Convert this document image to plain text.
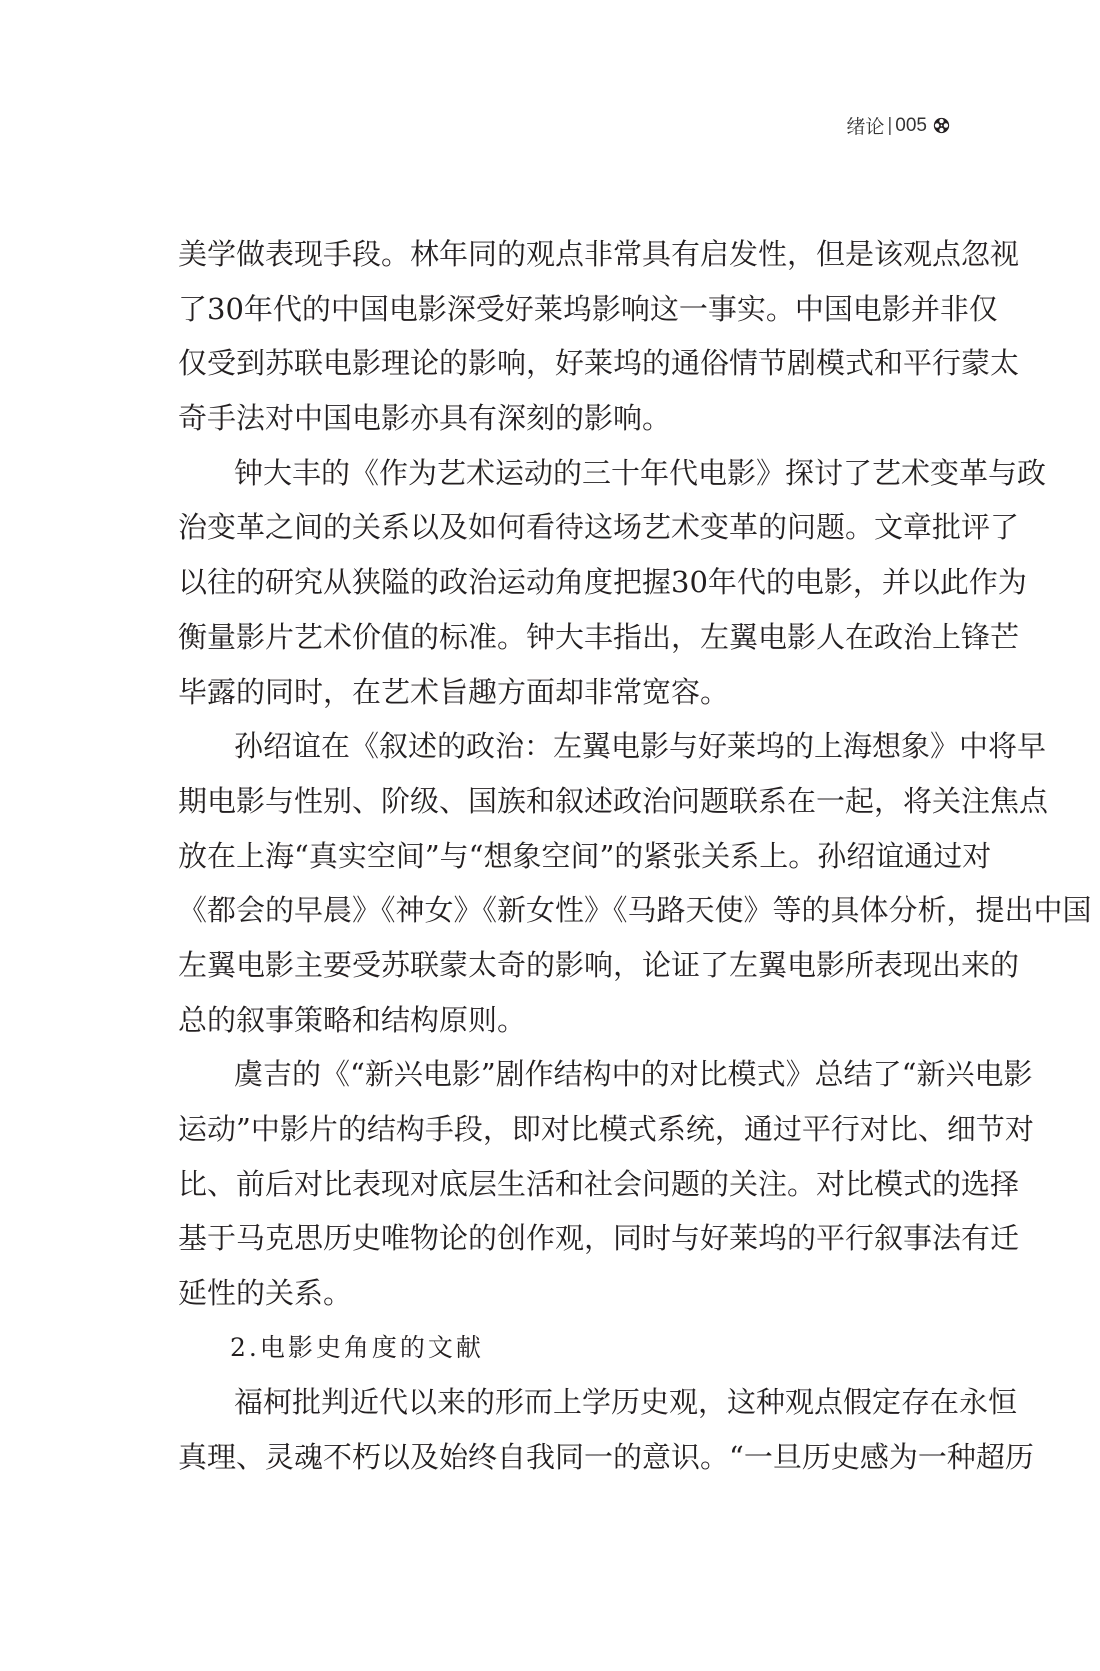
绪论 | 005
美学做表现手段。林年同的观点非常具有启发性，但是该观点忽视
了30年代的中国电影深受好莱坞影响这一事实。中国电影并非仅
仅受到苏联电影理论的影响，好莱坞的通俗情节剧模式和平行蒙太
奇手法对中国电影亦具有深刻的影响。
钟大丰的《作为艺术运动的三十年代电影》探讨了艺术变革与政
治变革之间的关系以及如何看待这场艺术变革的问题。文章批评了
以往的研究从狭隘的政治运动角度把握30年代的电影，并以此作为
衡量影片艺术价值的标准。钟大丰指出，左翼电影人在政治上锋芒
毕露的同时，在艺术旨趣方面却非常宽容。
孙绍谊在《叙述的政治：左翼电影与好莱坞的上海想象》中将早
期电影与性别、阶级、国族和叙述政治问题联系在一起，将关注焦点
放在上海“真实空间”与“想象空间”的紧张关系上。孙绍谊通过对
《都会的早晨》《神女》《新女性》《马路天使》等的具体分析，提出中国
左翼电影主要受苏联蒙太奇的影响，论证了左翼电影所表现出来的
总的叙事策略和结构原则。
虞吉的《“新兴电影”剧作结构中的对比模式》总结了“新兴电影
运动”中影片的结构手段，即对比模式系统，通过平行对比、细节对
比、前后对比表现对底层生活和社会问题的关注。对比模式的选择
基于马克思历史唯物论的创作观，同时与好莱坞的平行叙事法有迁
延性的关系。
2.电影史角度的文献
福柯批判近代以来的形而上学历史观，这种观点假定存在永恒
真理、灵魂不朽以及始终自我同一的意识。“一旦历史感为一种超历
